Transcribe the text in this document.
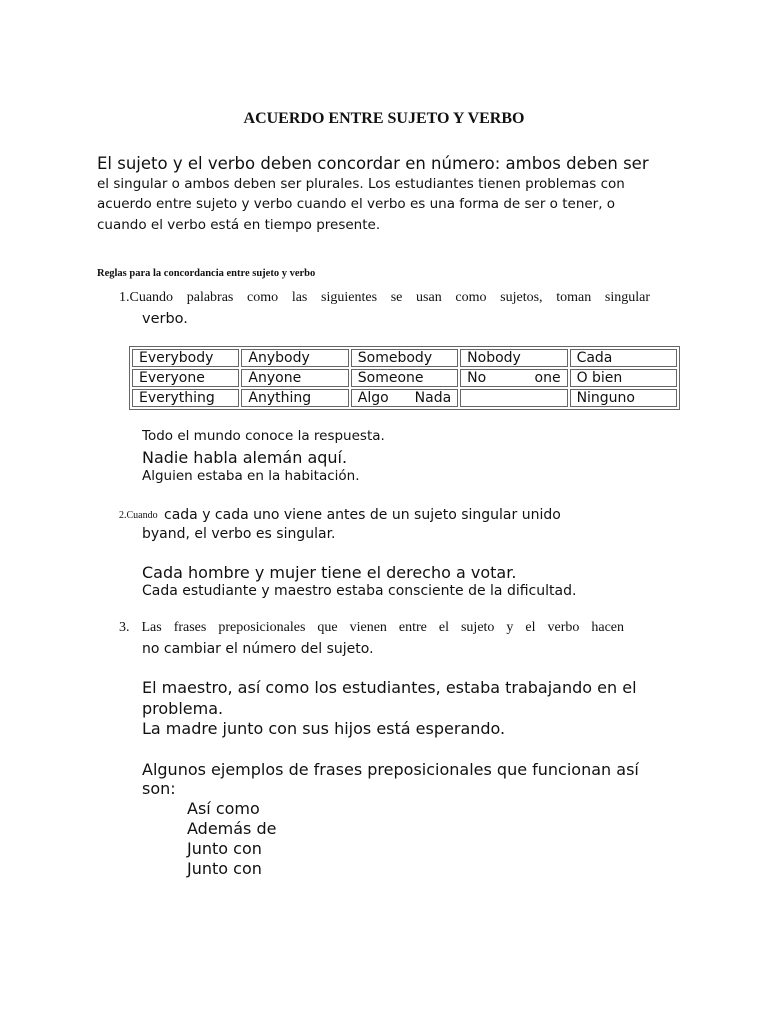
ACUERDO ENTRE SUJETO Y VERBO
El sujeto y el verbo deben concordar en número: ambos deben ser
el singular o ambos deben ser plurales. Los estudiantes tienen problemas con
acuerdo entre sujeto y verbo cuando el verbo es una forma de ser o tener, o
cuando el verbo está en tiempo presente.
Reglas para la concordancia entre sujeto y verbo
1.Cuando palabras como las siguientes se usan como sujetos, toman singular
verbo.
Everybody	Anybody	Somebody	Nobody	Cada
Everyone	Anyone	Someone	No one	O bien
Everything	Anything	Algo Nada		Ninguno
Todo el mundo conoce la respuesta.
Nadie habla alemán aquí.
Alguien estaba en la habitación.
2.Cuando cada y cada uno viene antes de un sujeto singular unido
byand, el verbo es singular.
Cada hombre y mujer tiene el derecho a votar.
Cada estudiante y maestro estaba consciente de la dificultad.
3. Las frases preposicionales que vienen entre el sujeto y el verbo hacen
no cambiar el número del sujeto.
El maestro, así como los estudiantes, estaba trabajando en el
problema.
La madre junto con sus hijos está esperando.
Algunos ejemplos de frases preposicionales que funcionan así
son:
Así como
Además de
Junto con
Junto con
